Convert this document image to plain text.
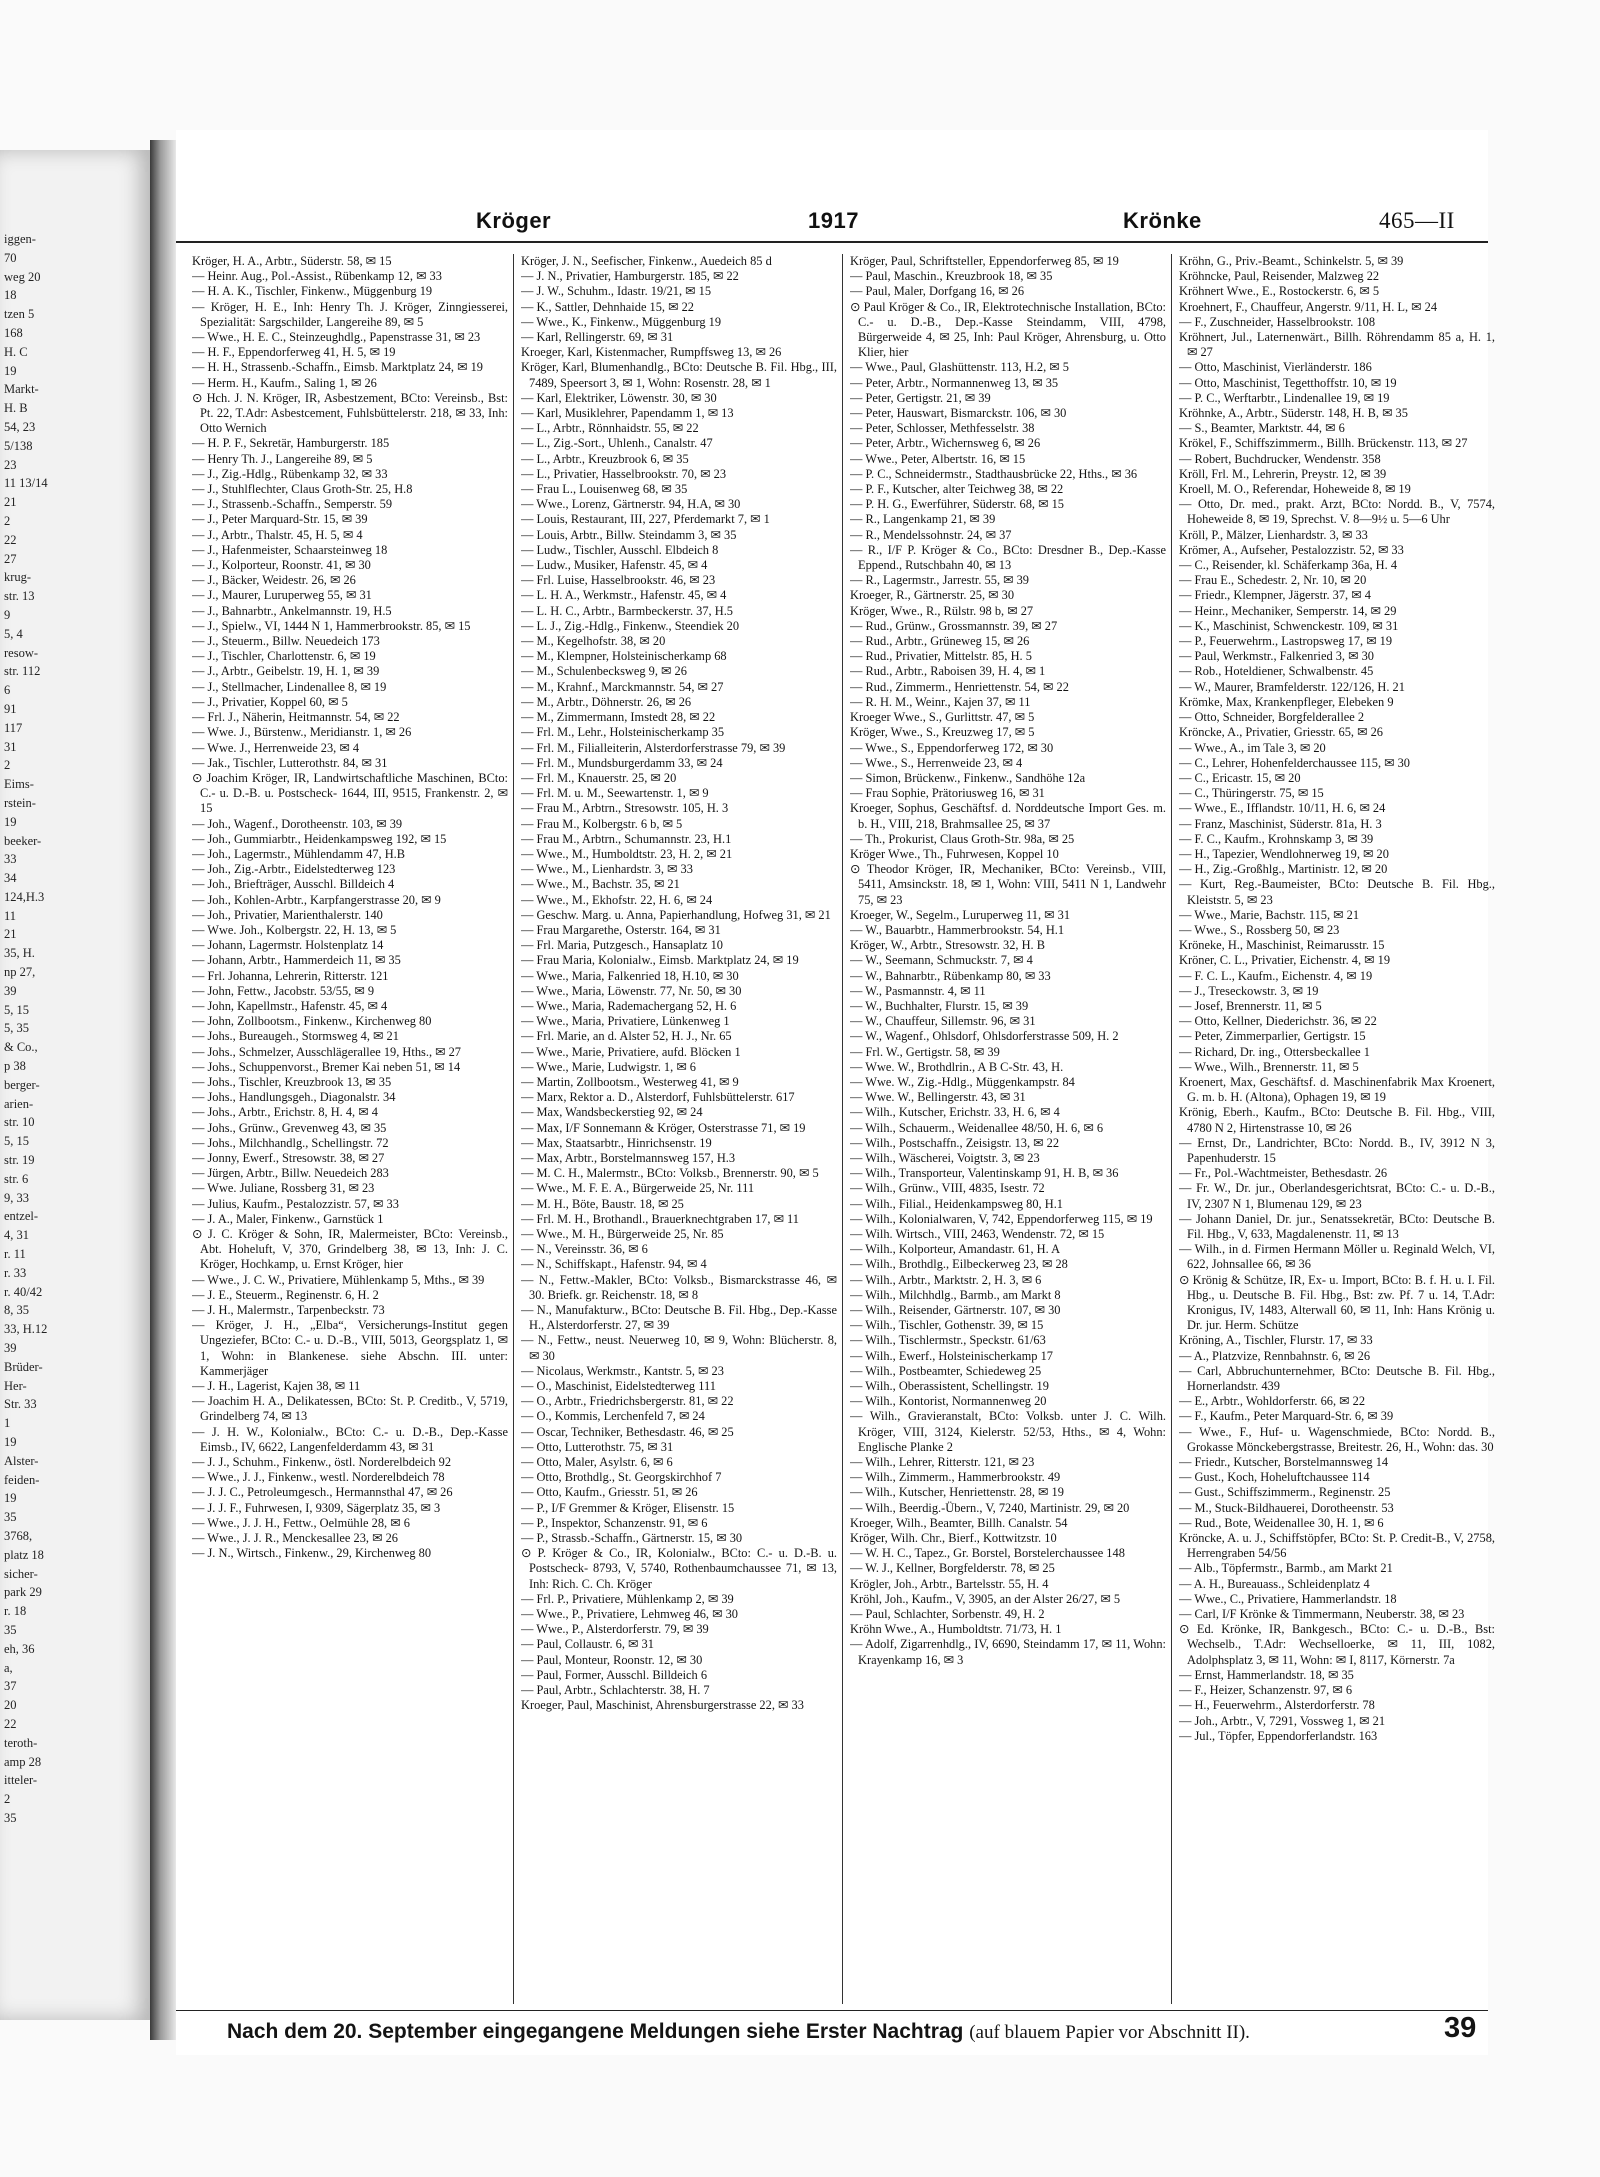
iggen-
70
weg 20
18
tzen 5
168
H. C
19
Markt-
H. B
54, 23
5/138
23
11 13/14
21
2
22
27
krug-
str. 13
9
5, 4
resow-
str. 112
6
91
117
31
2
Eims-
rstein-
19
beeker-
33
34
124,H.3
11
21
35, H.
np 27,
39
5, 15
5, 35
& Co.,
p 38
berger-
arien-
str. 10
5, 15
str. 19
str. 6
9, 33
entzel-
4, 31
r. 11
r. 33
r. 40/42
8, 35
33, H.12
39
Brüder-
Her-
Str. 33
1
19
Alster-
feiden-
19
35
3768,
platz 18
sicher-
park 29
r. 18
35
eh, 36
a,
37
20
22
teroth-
amp 28
itteler-
2
35
Kröger	1917	Krönke	465—II
Kröger, H. A., Arbtr., Süderstr. 58, ✉ 15
— Heinr. Aug., Pol.-Assist., Rübenkamp 12, ✉ 33
— H. A. K., Tischler, Finkenw., Müggenburg 19
— Kröger, H. E., Inh: Henry Th. J. Kröger, Zinngiesserei, Spezialität: Sargschilder, Langereihe 89, ✉ 5
— Wwe., H. E. C., Steinzeughdlg., Papenstrasse 31, ✉ 23
— H. F., Eppendorferweg 41, H. 5, ✉ 19
— H. H., Strassenb.-Schaffn., Eimsb. Marktplatz 24, ✉ 19
— Herm. H., Kaufm., Saling 1, ✉ 26
⊙ Hch. J. N. Kröger, IR, Asbestzement, BCto: Vereinsb., Bst: Pt. 22, T.Adr: Asbestcement, Fuhlsbüttelerstr. 218, ✉ 33, Inh: Otto Wernich
— H. P. F., Sekretär, Hamburgerstr. 185
— Henry Th. J., Langereihe 89, ✉ 5
— J., Zig.-Hdlg., Rübenkamp 32, ✉ 33
— J., Stuhlflechter, Claus Groth-Str. 25, H.8
— J., Strassenb.-Schaffn., Semperstr. 59
— J., Peter Marquard-Str. 15, ✉ 39
— J., Arbtr., Thalstr. 45, H. 5, ✉ 4
— J., Hafenmeister, Schaarsteinweg 18
— J., Kolporteur, Roonstr. 41, ✉ 30
— J., Bäcker, Weidestr. 26, ✉ 26
— J., Maurer, Luruperweg 55, ✉ 31
— J., Bahnarbtr., Ankelmannstr. 19, H.5
— J., Spielw., VI, 1444 N 1, Hammerbrookstr. 85, ✉ 15
— J., Steuerm., Billw. Neuedeich 173
— J., Tischler, Charlottenstr. 6, ✉ 19
— J., Arbtr., Geibelstr. 19, H. 1, ✉ 39
— J., Stellmacher, Lindenallee 8, ✉ 19
— J., Privatier, Koppel 60, ✉ 5
— Frl. J., Näherin, Heitmannstr. 54, ✉ 22
— Wwe. J., Bürstenw., Meridianstr. 1, ✉ 26
— Wwe. J., Herrenweide 23, ✉ 4
— Jak., Tischler, Lutterothstr. 84, ✉ 31
⊙ Joachim Kröger, IR, Landwirtschaftliche Maschinen, BCto: C.- u. D.-B. u. Postscheck- 1644, III, 9515, Frankenstr. 2, ✉ 15
— Joh., Wagenf., Dorotheenstr. 103, ✉ 39
— Joh., Gummiarbtr., Heidenkampsweg 192, ✉ 15
— Joh., Lagermstr., Mühlendamm 47, H.B
— Joh., Zig.-Arbtr., Eidelstedterweg 123
— Joh., Briefträger, Ausschl. Billdeich 4
— Joh., Kohlen-Arbtr., Karpfangerstrasse 20, ✉ 9
— Joh., Privatier, Marienthalerstr. 140
— Wwe. Joh., Kolbergstr. 22, H. 13, ✉ 5
— Johann, Lagermstr. Holstenplatz 14
— Johann, Arbtr., Hammerdeich 11, ✉ 35
— Frl. Johanna, Lehrerin, Ritterstr. 121
— John, Fettw., Jacobstr. 53/55, ✉ 9
— John, Kapellmstr., Hafenstr. 45, ✉ 4
— John, Zollbootsm., Finkenw., Kirchenweg 80
— Johs., Bureaugeh., Stormsweg 4, ✉ 21
— Johs., Schmelzer, Ausschlägerallee 19, Hths., ✉ 27
— Johs., Schuppenvorst., Bremer Kai neben 51, ✉ 14
— Johs., Tischler, Kreuzbrook 13, ✉ 35
— Johs., Handlungsgeh., Diagonalstr. 34
— Johs., Arbtr., Erichstr. 8, H. 4, ✉ 4
— Johs., Grünw., Grevenweg 43, ✉ 35
— Johs., Milchhandlg., Schellingstr. 72
— Jonny, Ewerf., Stresowstr. 38, ✉ 27
— Jürgen, Arbtr., Billw. Neuedeich 283
— Wwe. Juliane, Rossberg 31, ✉ 23
— Julius, Kaufm., Pestalozzistr. 57, ✉ 33
— J. A., Maler, Finkenw., Garnstück 1
⊙ J. C. Kröger & Sohn, IR, Malermeister, BCto: Vereinsb., Abt. Hoheluft, V, 370, Grindelberg 38, ✉ 13, Inh: J. C. Kröger, Hochkamp, u. Ernst Kröger, hier
— Wwe., J. C. W., Privatiere, Mühlenkamp 5, Mths., ✉ 39
— J. E., Steuerm., Reginenstr. 6, H. 2
— J. H., Malermstr., Tarpenbeckstr. 73
— Kröger, J. H., „Elba“, Versicherungs-Institut gegen Ungeziefer, BCto: C.- u. D.-B., VIII, 5013, Georgsplatz 1, ✉ 1, Wohn: in Blankenese. siehe Abschn. III. unter: Kammerjäger
— J. H., Lagerist, Kajen 38, ✉ 11
— Joachim H. A., Delikatessen, BCto: St. P. Creditb., V, 5719, Grindelberg 74, ✉ 13
— J. H. W., Kolonialw., BCto: C.- u. D.-B., Dep.-Kasse Eimsb., IV, 6622, Langenfelderdamm 43, ✉ 31
— J. J., Schuhm., Finkenw., östl. Norderelbdeich 92
— Wwe., J. J., Finkenw., westl. Norderelbdeich 78
— J. J. C., Petroleumgesch., Hermannsthal 47, ✉ 26
— J. J. F., Fuhrwesen, I, 9309, Sägerplatz 35, ✉ 3
— Wwe., J. J. H., Fettw., Oelmühle 28, ✉ 6
— Wwe., J. J. R., Menckesallee 23, ✉ 26
— J. N., Wirtsch., Finkenw., 29, Kirchenweg 80
Kröger, J. N., Seefischer, Finkenw., Auedeich 85 d
— J. N., Privatier, Hamburgerstr. 185, ✉ 22
— J. W., Schuhm., Idastr. 19/21, ✉ 15
— K., Sattler, Dehnhaide 15, ✉ 22
— Wwe., K., Finkenw., Müggenburg 19
— Karl, Rellingerstr. 69, ✉ 31
Kroeger, Karl, Kistenmacher, Rumpffsweg 13, ✉ 26
Kröger, Karl, Blumenhandlg., BCto: Deutsche B. Fil. Hbg., III, 7489, Speersort 3, ✉ 1, Wohn: Rosenstr. 28, ✉ 1
— Karl, Elektriker, Löwenstr. 30, ✉ 30
— Karl, Musiklehrer, Papendamm 1, ✉ 13
— L., Arbtr., Rönnhaidstr. 55, ✉ 22
— L., Zig.-Sort., Uhlenh., Canalstr. 47
— L., Arbtr., Kreuzbrook 6, ✉ 35
— L., Privatier, Hasselbrookstr. 70, ✉ 23
— Frau L., Louisenweg 68, ✉ 35
— Wwe., Lorenz, Gärtnerstr. 94, H.A, ✉ 30
— Louis, Restaurant, III, 227, Pferdemarkt 7, ✉ 1
— Louis, Arbtr., Billw. Steindamm 3, ✉ 35
— Ludw., Tischler, Ausschl. Elbdeich 8
— Ludw., Musiker, Hafenstr. 45, ✉ 4
— Frl. Luise, Hasselbrookstr. 46, ✉ 23
— L. H. A., Werkmstr., Hafenstr. 45, ✉ 4
— L. H. C., Arbtr., Barmbeckerstr. 37, H.5
— L. J., Zig.-Hdlg., Finkenw., Steendiek 20
— M., Kegelhofstr. 38, ✉ 20
— M., Klempner, Holsteinischerkamp 68
— M., Schulenbecksweg 9, ✉ 26
— M., Krahnf., Marckmannstr. 54, ✉ 27
— M., Arbtr., Döhnerstr. 26, ✉ 26
— M., Zimmermann, Imstedt 28, ✉ 22
— Frl. M., Lehr., Holsteinischerkamp 35
— Frl. M., Filialleiterin, Alsterdorferstrasse 79, ✉ 39
— Frl. M., Mundsburgerdamm 33, ✉ 24
— Frl. M., Knauerstr. 25, ✉ 20
— Frl. M. u. M., Seewartenstr. 1, ✉ 9
— Frau M., Arbtrn., Stresowstr. 105, H. 3
— Frau M., Kolbergstr. 6 b, ✉ 5
— Frau M., Arbtrn., Schumannstr. 23, H.1
— Wwe., M., Humboldtstr. 23, H. 2, ✉ 21
— Wwe., M., Lienhardstr. 3, ✉ 33
— Wwe., M., Bachstr. 35, ✉ 21
— Wwe., M., Ekhofstr. 22, H. 6, ✉ 24
— Geschw. Marg. u. Anna, Papierhandlung, Hofweg 31, ✉ 21
— Frau Margarethe, Osterstr. 164, ✉ 31
— Frl. Maria, Putzgesch., Hansaplatz 10
— Frau Maria, Kolonialw., Eimsb. Marktplatz 24, ✉ 19
— Wwe., Maria, Falkenried 18, H.10, ✉ 30
— Wwe., Maria, Löwenstr. 77, Nr. 50, ✉ 30
— Wwe., Maria, Rademachergang 52, H. 6
— Wwe., Maria, Privatiere, Lünkenweg 1
— Frl. Marie, an d. Alster 52, H. J., Nr. 65
— Wwe., Marie, Privatiere, aufd. Blöcken 1
— Wwe., Marie, Ludwigstr. 1, ✉ 6
— Martin, Zollbootsm., Westerweg 41, ✉ 9
— Marx, Rektor a. D., Alsterdorf, Fuhlsbüttelerstr. 617
— Max, Wandsbeckerstieg 92, ✉ 24
— Max, I/F Sonnemann & Kröger, Osterstrasse 71, ✉ 19
— Max, Staatsarbtr., Hinrichsenstr. 19
— Max, Arbtr., Borstelmannsweg 157, H.3
— M. C. H., Malermstr., BCto: Volksb., Brennerstr. 90, ✉ 5
— Wwe., M. F. E. A., Bürgerweide 25, Nr. 111
— M. H., Böte, Baustr. 18, ✉ 25
— Frl. M. H., Brothandl., Brauerknechtgraben 17, ✉ 11
— Wwe., M. H., Bürgerweide 25, Nr. 85
— N., Vereinsstr. 36, ✉ 6
— N., Schiffskapt., Hafenstr. 94, ✉ 4
— N., Fettw.-Makler, BCto: Volksb., Bismarckstrasse 46, ✉ 30. Briefk. gr. Reichenstr. 18, ✉ 8
— N., Manufakturw., BCto: Deutsche B. Fil. Hbg., Dep.-Kasse H., Alsterdorferstr. 27, ✉ 39
— N., Fettw., neust. Neuerweg 10, ✉ 9, Wohn: Blücherstr. 8, ✉ 30
— Nicolaus, Werkmstr., Kantstr. 5, ✉ 23
— O., Maschinist, Eidelstedterweg 111
— O., Arbtr., Friedrichsbergerstr. 81, ✉ 22
— O., Kommis, Lerchenfeld 7, ✉ 24
— Oscar, Techniker, Bethesdastr. 46, ✉ 25
— Otto, Lutterothstr. 75, ✉ 31
— Otto, Maler, Asylstr. 6, ✉ 6
— Otto, Brothdlg., St. Georgskirchhof 7
— Otto, Kaufm., Griesstr. 51, ✉ 26
— P., I/F Gremmer & Kröger, Elisenstr. 15
— P., Inspektor, Schanzenstr. 91, ✉ 6
— P., Strassb.-Schaffn., Gärtnerstr. 15, ✉ 30
⊙ P. Kröger & Co., IR, Kolonialw., BCto: C.- u. D.-B. u. Postscheck- 8793, V, 5740, Rothenbaumchaussee 71, ✉ 13, Inh: Rich. C. Ch. Kröger
— Frl. P., Privatiere, Mühlenkamp 2, ✉ 39
— Wwe., P., Privatiere, Lehmweg 46, ✉ 30
— Wwe., P., Alsterdorferstr. 79, ✉ 39
— Paul, Collaustr. 6, ✉ 31
— Paul, Monteur, Roonstr. 12, ✉ 30
— Paul, Former, Ausschl. Billdeich 6
— Paul, Arbtr., Schlachterstr. 38, H. 7
Kroeger, Paul, Maschinist, Ahrensburgerstrasse 22, ✉ 33
Kröger, Paul, Schriftsteller, Eppendorferweg 85, ✉ 19
— Paul, Maschin., Kreuzbrook 18, ✉ 35
— Paul, Maler, Dorfgang 16, ✉ 26
⊙ Paul Kröger & Co., IR, Elektrotechnische Installation, BCto: C.- u. D.-B., Dep.-Kasse Steindamm, VIII, 4798, Bürgerweide 4, ✉ 25, Inh: Paul Kröger, Ahrensburg, u. Otto Klier, hier
— Wwe., Paul, Glashüttenstr. 113, H.2, ✉ 5
— Peter, Arbtr., Normannenweg 13, ✉ 35
— Peter, Gertigstr. 21, ✉ 39
— Peter, Hauswart, Bismarckstr. 106, ✉ 30
— Peter, Schlosser, Methfesselstr. 38
— Peter, Arbtr., Wichernsweg 6, ✉ 26
— Wwe., Peter, Albertstr. 16, ✉ 15
— P. C., Schneidermstr., Stadthausbrücke 22, Hths., ✉ 36
— P. F., Kutscher, alter Teichweg 38, ✉ 22
— P. H. G., Ewerführer, Süderstr. 68, ✉ 15
— R., Langenkamp 21, ✉ 39
— R., Mendelssohnstr. 24, ✉ 37
— R., I/F P. Kröger & Co., BCto: Dresdner B., Dep.-Kasse Eppend., Rutschbahn 40, ✉ 13
— R., Lagermstr., Jarrestr. 55, ✉ 39
Kroeger, R., Gärtnerstr. 25, ✉ 30
Kröger, Wwe., R., Rülstr. 98 b, ✉ 27
— Rud., Grünw., Grossmannstr. 39, ✉ 27
— Rud., Arbtr., Grüneweg 15, ✉ 26
— Rud., Privatier, Mittelstr. 85, H. 5
— Rud., Arbtr., Raboisen 39, H. 4, ✉ 1
— Rud., Zimmerm., Henriettenstr. 54, ✉ 22
— R. H. M., Weinr., Kajen 37, ✉ 11
Kroeger Wwe., S., Gurlittstr. 47, ✉ 5
Kröger, Wwe., S., Kreuzweg 17, ✉ 5
— Wwe., S., Eppendorferweg 172, ✉ 30
— Wwe., S., Herrenweide 23, ✉ 4
— Simon, Brückenw., Finkenw., Sandhöhe 12a
— Frau Sophie, Prätoriusweg 16, ✉ 31
Kroeger, Sophus, Geschäftsf. d. Norddeutsche Import Ges. m. b. H., VIII, 218, Brahmsallee 25, ✉ 37
— Th., Prokurist, Claus Groth-Str. 98a, ✉ 25
Kröger Wwe., Th., Fuhrwesen, Koppel 10
⊙ Theodor Kröger, IR, Mechaniker, BCto: Vereinsb., VIII, 5411, Amsinckstr. 18, ✉ 1, Wohn: VIII, 5411 N 1, Landwehr 75, ✉ 23
Kroeger, W., Segelm., Luruperweg 11, ✉ 31
— W., Bauarbtr., Hammerbrookstr. 54, H.1
Kröger, W., Arbtr., Stresowstr. 32, H. B
— W., Seemann, Schmuckstr. 7, ✉ 4
— W., Bahnarbtr., Rübenkamp 80, ✉ 33
— W., Pasmannstr. 4, ✉ 11
— W., Buchhalter, Flurstr. 15, ✉ 39
— W., Chauffeur, Sillemstr. 96, ✉ 31
— W., Wagenf., Ohlsdorf, Ohlsdorferstrasse 509, H. 2
— Frl. W., Gertigstr. 58, ✉ 39
— Wwe. W., Brothdlrin., A B C-Str. 43, H.
— Wwe. W., Zig.-Hdlg., Müggenkampstr. 84
— Wwe. W., Bellingerstr. 43, ✉ 31
— Wilh., Kutscher, Erichstr. 33, H. 6, ✉ 4
— Wilh., Schauerm., Weidenallee 48/50, H. 6, ✉ 6
— Wilh., Postschaffn., Zeisigstr. 13, ✉ 22
— Wilh., Wäscherei, Voigtstr. 3, ✉ 23
— Wilh., Transporteur, Valentinskamp 91, H. B, ✉ 36
— Wilh., Grünw., VIII, 4835, Isestr. 72
— Wilh., Filial., Heidenkampsweg 80, H.1
— Wilh., Kolonialwaren, V, 742, Eppendorferweg 115, ✉ 19
— Wilh. Wirtsch., VIII, 2463, Wendenstr. 72, ✉ 15
— Wilh., Kolporteur, Amandastr. 61, H. A
— Wilh., Brothdlg., Eilbeckerweg 23, ✉ 28
— Wilh., Arbtr., Marktstr. 2, H. 3, ✉ 6
— Wilh., Milchhdlg., Barmb., am Markt 8
— Wilh., Reisender, Gärtnerstr. 107, ✉ 30
— Wilh., Tischler, Gothenstr. 39, ✉ 15
— Wilh., Tischlermstr., Speckstr. 61/63
— Wilh., Ewerf., Holsteinischerkamp 17
— Wilh., Postbeamter, Schiedeweg 25
— Wilh., Oberassistent, Schellingstr. 19
— Wilh., Kontorist, Normannenweg 20
— Wilh., Gravieranstalt, BCto: Volksb. unter J. C. Wilh. Kröger, VIII, 3124, Kielerstr. 52/53, Hths., ✉ 4, Wohn: Englische Planke 2
— Wilh., Lehrer, Ritterstr. 121, ✉ 23
— Wilh., Zimmerm., Hammerbrookstr. 49
— Wilh., Kutscher, Henriettenstr. 28, ✉ 19
— Wilh., Beerdig.-Übern., V, 7240, Martinistr. 29, ✉ 20
Kroeger, Wilh., Beamter, Billh. Canalstr. 54
Kröger, Wilh. Chr., Bierf., Kottwitzstr. 10
— W. H. C., Tapez., Gr. Borstel, Borstelerchaussee 148
— W. J., Kellner, Borgfelderstr. 78, ✉ 25
Krögler, Joh., Arbtr., Bartelsstr. 55, H. 4
Kröhl, Joh., Kaufm., V, 3905, an der Alster 26/27, ✉ 5
— Paul, Schlachter, Sorbenstr. 49, H. 2
Kröhn Wwe., A., Humboldtstr. 71/73, H. 1
— Adolf, Zigarrenhdlg., IV, 6690, Steindamm 17, ✉ 11, Wohn: Krayenkamp 16, ✉ 3
Kröhn, G., Priv.-Beamt., Schinkelstr. 5, ✉ 39
Kröhncke, Paul, Reisender, Malzweg 22
Kröhnert Wwe., E., Rostockerstr. 6, ✉ 5
Kroehnert, F., Chauffeur, Angerstr. 9/11, H. L, ✉ 24
— F., Zuschneider, Hasselbrookstr. 108
Kröhnert, Jul., Laternenwärt., Billh. Röhrendamm 85 a, H. 1, ✉ 27
— Otto, Maschinist, Vierländerstr. 186
— Otto, Maschinist, Tegetthoffstr. 10, ✉ 19
— P. C., Werftarbtr., Lindenallee 19, ✉ 19
Kröhnke, A., Arbtr., Süderstr. 148, H. B, ✉ 35
— S., Beamter, Marktstr. 44, ✉ 6
Krökel, F., Schiffszimmerm., Billh. Brückenstr. 113, ✉ 27
— Robert, Buchdrucker, Wendenstr. 358
Kröll, Frl. M., Lehrerin, Preystr. 12, ✉ 39
Kroell, M. O., Referendar, Hoheweide 8, ✉ 19
— Otto, Dr. med., prakt. Arzt, BCto: Nordd. B., V, 7574, Hoheweide 8, ✉ 19, Sprechst. V. 8—9½ u. 5—6 Uhr
Kröll, P., Mälzer, Lienhardstr. 3, ✉ 33
Krömer, A., Aufseher, Pestalozzistr. 52, ✉ 33
— C., Reisender, kl. Schäferkamp 36a, H. 4
— Frau E., Schedestr. 2, Nr. 10, ✉ 20
— Friedr., Klempner, Jägerstr. 37, ✉ 4
— Heinr., Mechaniker, Semperstr. 14, ✉ 29
— K., Maschinist, Schwenckestr. 109, ✉ 31
— P., Feuerwehrm., Lastropsweg 17, ✉ 19
— Paul, Werkmstr., Falkenried 3, ✉ 30
— Rob., Hoteldiener, Schwalbenstr. 45
— W., Maurer, Bramfelderstr. 122/126, H. 21
Krömke, Max, Krankenpfleger, Elebeken 9
— Otto, Schneider, Borgfelderallee 2
Kröncke, A., Privatier, Griesstr. 65, ✉ 26
— Wwe., A., im Tale 3, ✉ 20
— C., Lehrer, Hohenfelderchaussee 115, ✉ 30
— C., Ericastr. 15, ✉ 20
— C., Thüringerstr. 75, ✉ 15
— Wwe., E., Ifflandstr. 10/11, H. 6, ✉ 24
— Franz, Maschinist, Süderstr. 81a, H. 3
— F. C., Kaufm., Krohnskamp 3, ✉ 39
— H., Tapezier, Wendlohnerweg 19, ✉ 20
— H., Zig.-Großhlg., Martinistr. 12, ✉ 20
— Kurt, Reg.-Baumeister, BCto: Deutsche B. Fil. Hbg., Kleiststr. 5, ✉ 23
— Wwe., Marie, Bachstr. 115, ✉ 21
— Wwe., S., Rossberg 50, ✉ 23
Kröneke, H., Maschinist, Reimarusstr. 15
Kröner, C. L., Privatier, Eichenstr. 4, ✉ 19
— F. C. L., Kaufm., Eichenstr. 4, ✉ 19
— J., Treseckowstr. 3, ✉ 19
— Josef, Brennerstr. 11, ✉ 5
— Otto, Kellner, Diederichstr. 36, ✉ 22
— Peter, Zimmerparlier, Gertigstr. 15
— Richard, Dr. ing., Ottersbeckallee 1
— Wwe., Wilh., Brennerstr. 11, ✉ 5
Kroenert, Max, Geschäftsf. d. Maschinenfabrik Max Kroenert, G. m. b. H. (Altona), Ophagen 19, ✉ 19
Krönig, Eberh., Kaufm., BCto: Deutsche B. Fil. Hbg., VIII, 4780 N 2, Hirtenstrasse 10, ✉ 26
— Ernst, Dr., Landrichter, BCto: Nordd. B., IV, 3912 N 3, Papenhuderstr. 15
— Fr., Pol.-Wachtmeister, Bethesdastr. 26
— Fr. W., Dr. jur., Oberlandesgerichtsrat, BCto: C.- u. D.-B., IV, 2307 N 1, Blumenau 129, ✉ 23
— Johann Daniel, Dr. jur., Senatssekretär, BCto: Deutsche B. Fil. Hbg., V, 633, Magdalenenstr. 11, ✉ 13
— Wilh., in d. Firmen Hermann Möller u. Reginald Welch, VI, 622, Johnsallee 66, ✉ 36
⊙ Krönig & Schütze, IR, Ex- u. Import, BCto: B. f. H. u. I. Fil. Hbg., u. Deutsche B. Fil. Hbg., Bst: zw. Pf. 7 u. 14, T.Adr: Kronigus, IV, 1483, Alterwall 60, ✉ 11, Inh: Hans Krönig u. Dr. jur. Herm. Schütze
Kröning, A., Tischler, Flurstr. 17, ✉ 33
— A., Platzvize, Rennbahnstr. 6, ✉ 26
— Carl, Abbruchunternehmer, BCto: Deutsche B. Fil. Hbg., Hornerlandstr. 439
— E., Arbtr., Wohldorferstr. 66, ✉ 22
— F., Kaufm., Peter Marquard-Str. 6, ✉ 39
— Wwe., F., Huf- u. Wagenschmiede, BCto: Nordd. B., Grokasse Mönckebergstrasse, Breitestr. 26, H., Wohn: das. 30
— Friedr., Kutscher, Borstelmannsweg 14
— Gust., Koch, Hoheluftchaussee 114
— Gust., Schiffszimmerm., Reginenstr. 25
— M., Stuck-Bildhauerei, Dorotheenstr. 53
— Rud., Bote, Weidenallee 30, H. 1, ✉ 6
Kröncke, A. u. J., Schiffstöpfer, BCto: St. P. Credit-B., V, 2758, Herrengraben 54/56
— Alb., Töpfermstr., Barmb., am Markt 21
— A. H., Bureauass., Schleidenplatz 4
— Wwe., C., Privatiere, Hammerlandstr. 18
— Carl, I/F Krönke & Timmermann, Neuberstr. 38, ✉ 23
⊙ Ed. Krönke, IR, Bankgesch., BCto: C.- u. D.-B., Bst: Wechselb., T.Adr: Wechselloerke, ✉ 11, III, 1082, Adolphsplatz 3, ✉ 11, Wohn: ✉ I, 8117, Körnerstr. 7a
— Ernst, Hammerlandstr. 18, ✉ 35
— F., Heizer, Schanzenstr. 97, ✉ 6
— H., Feuerwehrm., Alsterdorferstr. 78
— Joh., Arbtr., V, 7291, Vossweg 1, ✉ 21
— Jul., Töpfer, Eppendorferlandstr. 163
Nach dem 20. September eingegangene Meldungen siehe Erster Nachtrag (auf blauem Papier vor Abschnitt II).	39
